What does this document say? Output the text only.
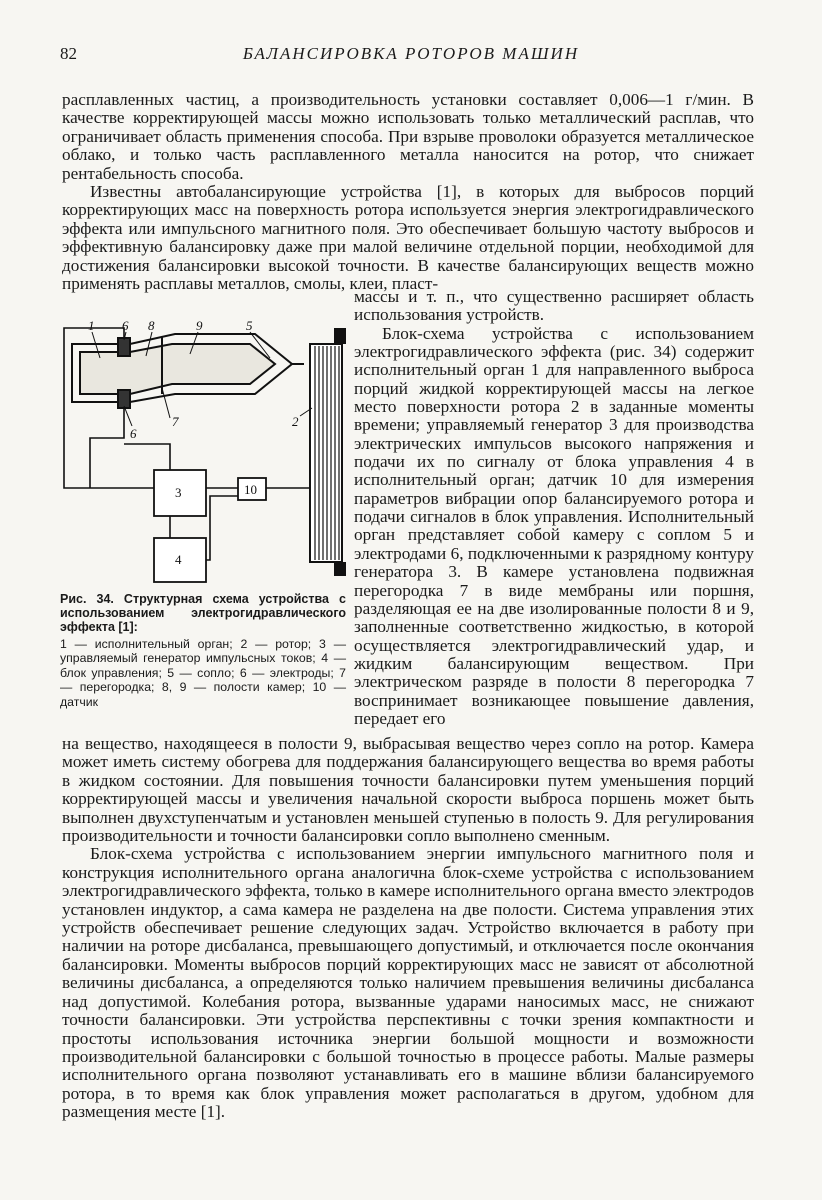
82	БАЛАНСИРОВКА РОТОРОВ МАШИН

расплавленных частиц, а производительность установки составляет 0,006—1 г/мин. В качестве корректирующей массы можно использовать только металлический расплав, что ограничивает область применения способа. При взрыве проволоки образуется металлическое облако, и только часть расплавленного металла наносится на ротор, что снижает рентабельность способа.

Известны автобалансирующие устройства [1], в которых для выбросов порций корректирующих масс на поверхность ротора используется энергия электрогидравлического эффекта или импульсного магнитного поля. Это обеспечивает большую частоту выбросов и эффективную балансировку даже при малой величине отдельной порции, необходимой для достижения балансировки высокой точности. В качестве балансирующих веществ можно применять расплавы металлов, смолы, клеи, пласт-

массы и т. п., что существенно расширяет область использования устройств.

Блок-схема устройства с использованием электрогидравлического эффекта (рис. 34) содержит исполнительный орган 1 для направленного выброса порций жидкой корректирующей массы на легкое место поверхности ротора 2 в заданные моменты времени; управляемый генератор 3 для производства электрических импульсов высокого напряжения и подачи их по сигналу от блока управления 4 в исполнительный орган; датчик 10 для измерения параметров вибрации опор балансируемого ротора и подачи сигналов в блок управления. Исполнительный орган представляет собой камеру с соплом 5 и электродами 6, подключенными к разрядному контуру генератора 3. В камере установлена подвижная перегородка 7 в виде мембраны или поршня, разделяющая ее на две изолированные полости 8 и 9, заполненные соответственно жидкостью, в которой осуществляется электрогидравлический удар, и жидким балансирующим веществом. При электрическом разряде в полости 8 перегородка 7 воспринимает возникающее повышение давления, передает его

1 6 8	9	5
2
6
7
3
4
10

Рис. 34. Структурная схема устройства с использованием электрогидравлического эффекта [1]:

1 — исполнительный орган; 2 — ротор; 3 — управляемый генератор импульсных токов; 4 — блок управления; 5 — сопло; 6 — электроды; 7 — перегородка; 8, 9 — полости камер; 10 — датчик

на вещество, находящееся в полости 9, выбрасывая вещество через сопло на ротор. Камера может иметь систему обогрева для поддержания балансирующего вещества во время работы в жидком состоянии. Для повышения точности балансировки путем уменьшения порций корректирующей массы и увеличения начальной скорости выброса поршень может быть выполнен двухступенчатым и установлен меньшей ступенью в полость 9. Для регулирования производительности и точности балансировки сопло выполнено сменным.

Блок-схема устройства с использованием энергии импульсного магнитного поля и конструкция исполнительного органа аналогична блок-схеме устройства с использованием электрогидравлического эффекта, только в камере исполнительного органа вместо электродов установлен индуктор, а сама камера не разделена на две полости. Система управления этих устройств обеспечивает решение следующих задач. Устройство включается в работу при наличии на роторе дисбаланса, превышающего допустимый, и отключается после окончания балансировки. Моменты выбросов порций корректирующих масс не зависят от абсолютной величины дисбаланса, а определяются только наличием превышения величины дисбаланса над допустимой. Колебания ротора, вызванные ударами наносимых масс, не снижают точности балансировки. Эти устройства перспективны с точки зрения компактности и простоты использования источника энергии большой мощности и возможности производительной балансировки с большой точностью в процессе работы. Малые размеры исполнительного органа позволяют устанавливать его в машине вблизи балансируемого ротора, в то время как блок управления может располагаться в другом, удобном для размещения месте [1].
